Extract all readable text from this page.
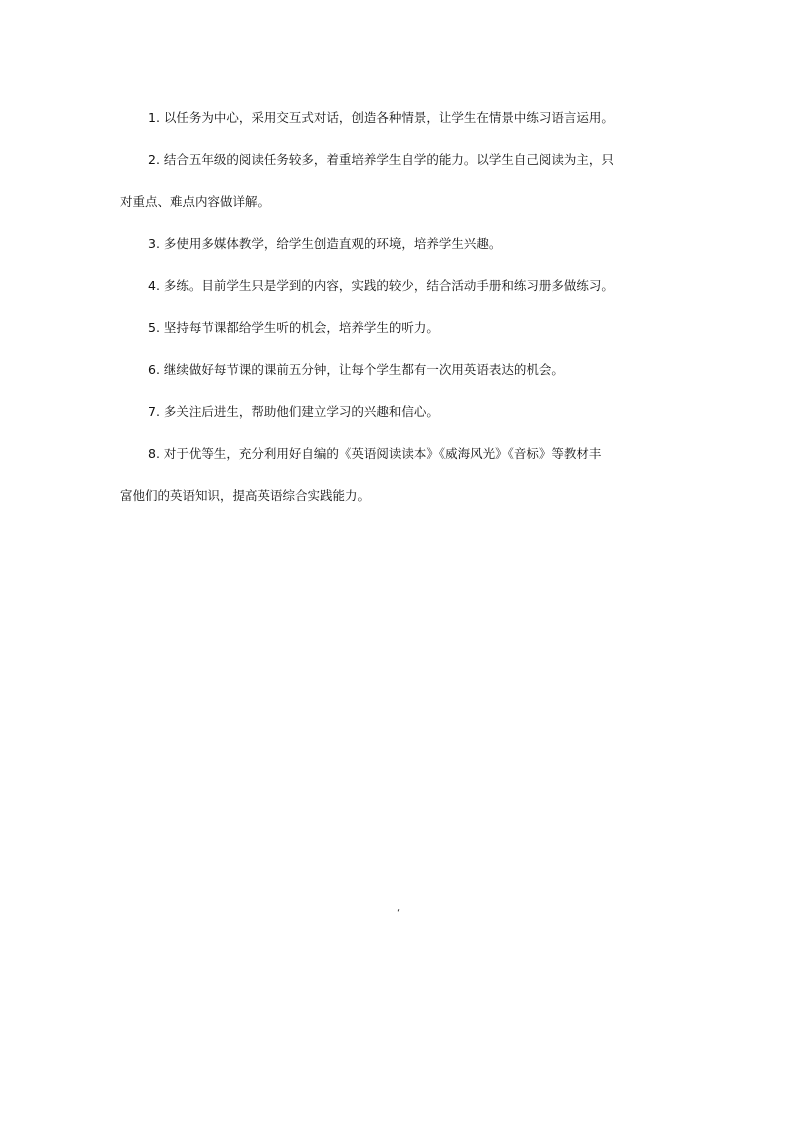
1. 以任务为中心，采用交互式对话，创造各种情景，让学生在情景中练习语言运用。

2. 结合五年级的阅读任务较多，着重培养学生自学的能力。以学生自己阅读为主，只
对重点、难点内容做详解。

3. 多使用多媒体教学，给学生创造直观的环境，培养学生兴趣。

4. 多练。目前学生只是学到的内容，实践的较少，结合活动手册和练习册多做练习。

5. 坚持每节课都给学生听的机会，培养学生的听力。

6. 继续做好每节课的课前五分钟，让每个学生都有一次用英语表达的机会。

7. 多关注后进生，帮助他们建立学习的兴趣和信心。

8. 对于优等生，充分利用好自编的《英语阅读读本》《威海风光》《音标》等教材丰
富他们的英语知识，提高英语综合实践能力。

‘
